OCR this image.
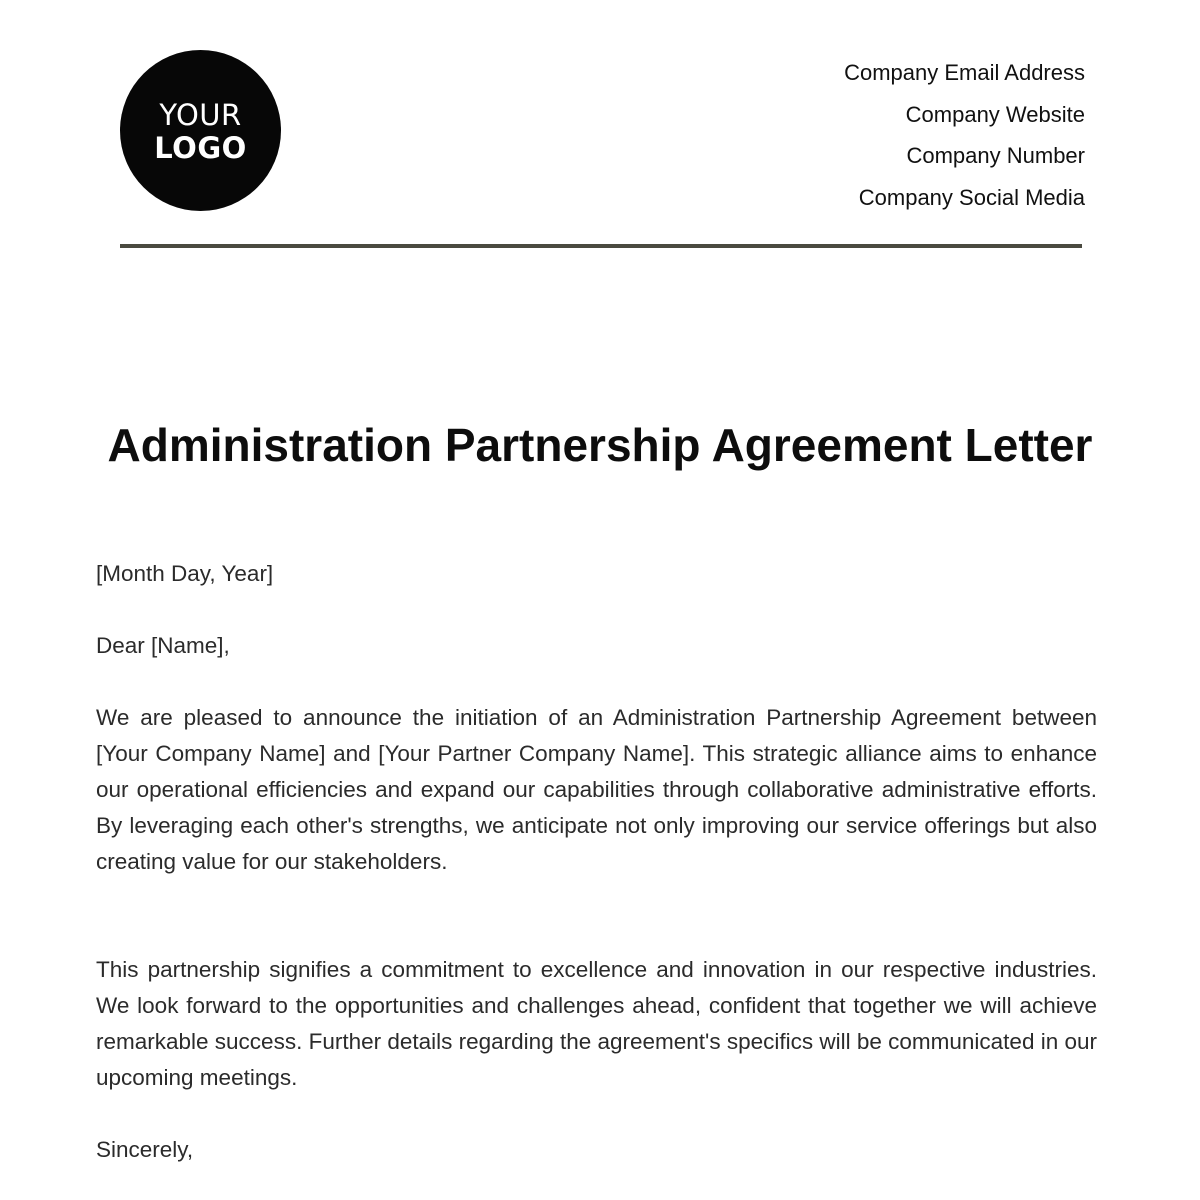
YOUR
LOGO
Company Email Address
Company Website
Company Number
Company Social Media
Administration Partnership Agreement Letter

[Month Day, Year]

Dear [Name],

We are pleased to announce the initiation of an Administration Partnership Agreement between [Your Company Name] and [Your Partner Company Name]. This strategic alliance aims to enhance our operational efficiencies and expand our capabilities through collaborative administrative efforts. By leveraging each other's strengths, we anticipate not only improving our service offerings but also creating value for our stakeholders.

This partnership signifies a commitment to excellence and innovation in our respective industries. We look forward to the opportunities and challenges ahead, confident that together we will achieve remarkable success. Further details regarding the agreement's specifics will be communicated in our upcoming meetings.

Sincerely,
